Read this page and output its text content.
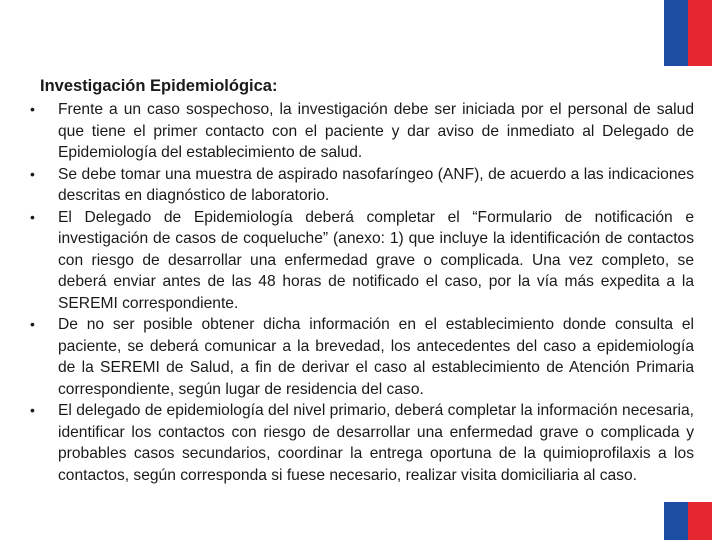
Investigación Epidemiológica:
• Frente a un caso sospechoso, la investigación debe ser iniciada por el personal de salud que tiene el primer contacto con el paciente y dar aviso de inmediato al Delegado de Epidemiología del establecimiento de salud.
• Se debe tomar una muestra de aspirado nasofaríngeo (ANF), de acuerdo a las indicaciones descritas en diagnóstico de laboratorio.
• El Delegado de Epidemiología deberá completar el “Formulario de notificación e investigación de casos de coqueluche” (anexo: 1) que incluye la identificación de contactos con riesgo de desarrollar una enfermedad grave o complicada. Una vez completo, se deberá enviar antes de las 48 horas de notificado el caso, por la vía más expedita a la SEREMI correspondiente.
• De no ser posible obtener dicha información en el establecimiento donde consulta el paciente, se deberá comunicar a la brevedad, los antecedentes del caso a epidemiología de la SEREMI de Salud, a fin de derivar el caso al establecimiento de Atención Primaria correspondiente, según lugar de residencia del caso.
• El delegado de epidemiología del nivel primario, deberá completar la información necesaria, identificar los contactos con riesgo de desarrollar una enfermedad grave o complicada y probables casos secundarios, coordinar la entrega oportuna de la quimioprofilaxis a los contactos, según corresponda si fuese necesario, realizar visita domiciliaria al caso.
